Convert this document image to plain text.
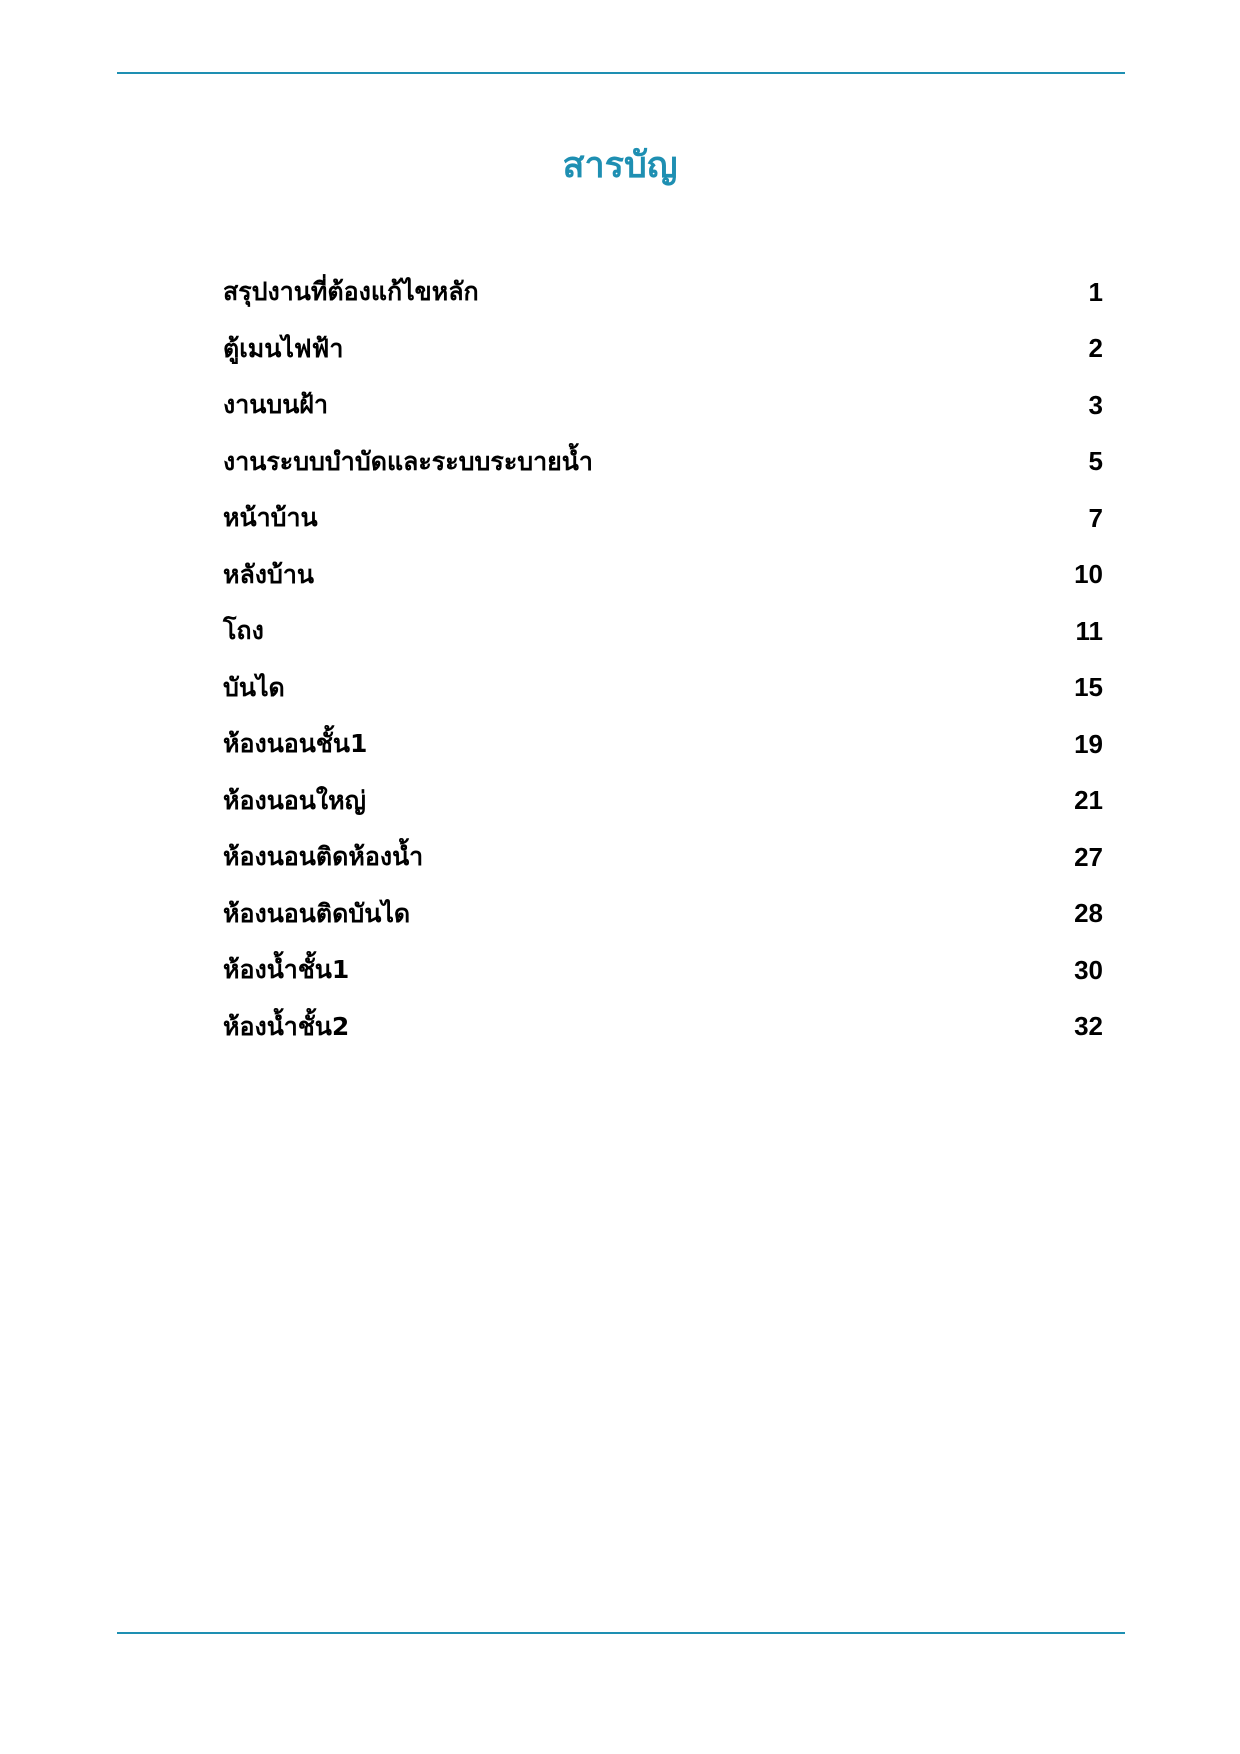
สารบัญ
สรุปงานที่ต้องแก้ไขหลัก	1
ตู้เมนไฟฟ้า	2
งานบนฝ้า	3
งานระบบบำบัดและระบบระบายน้ำ	5
หน้าบ้าน	7
หลังบ้าน	10
โถง	11
บันได	15
ห้องนอนชั้น1	19
ห้องนอนใหญ่	21
ห้องนอนติดห้องน้ำ	27
ห้องนอนติดบันได	28
ห้องน้ำชั้น1	30
ห้องน้ำชั้น2	32
